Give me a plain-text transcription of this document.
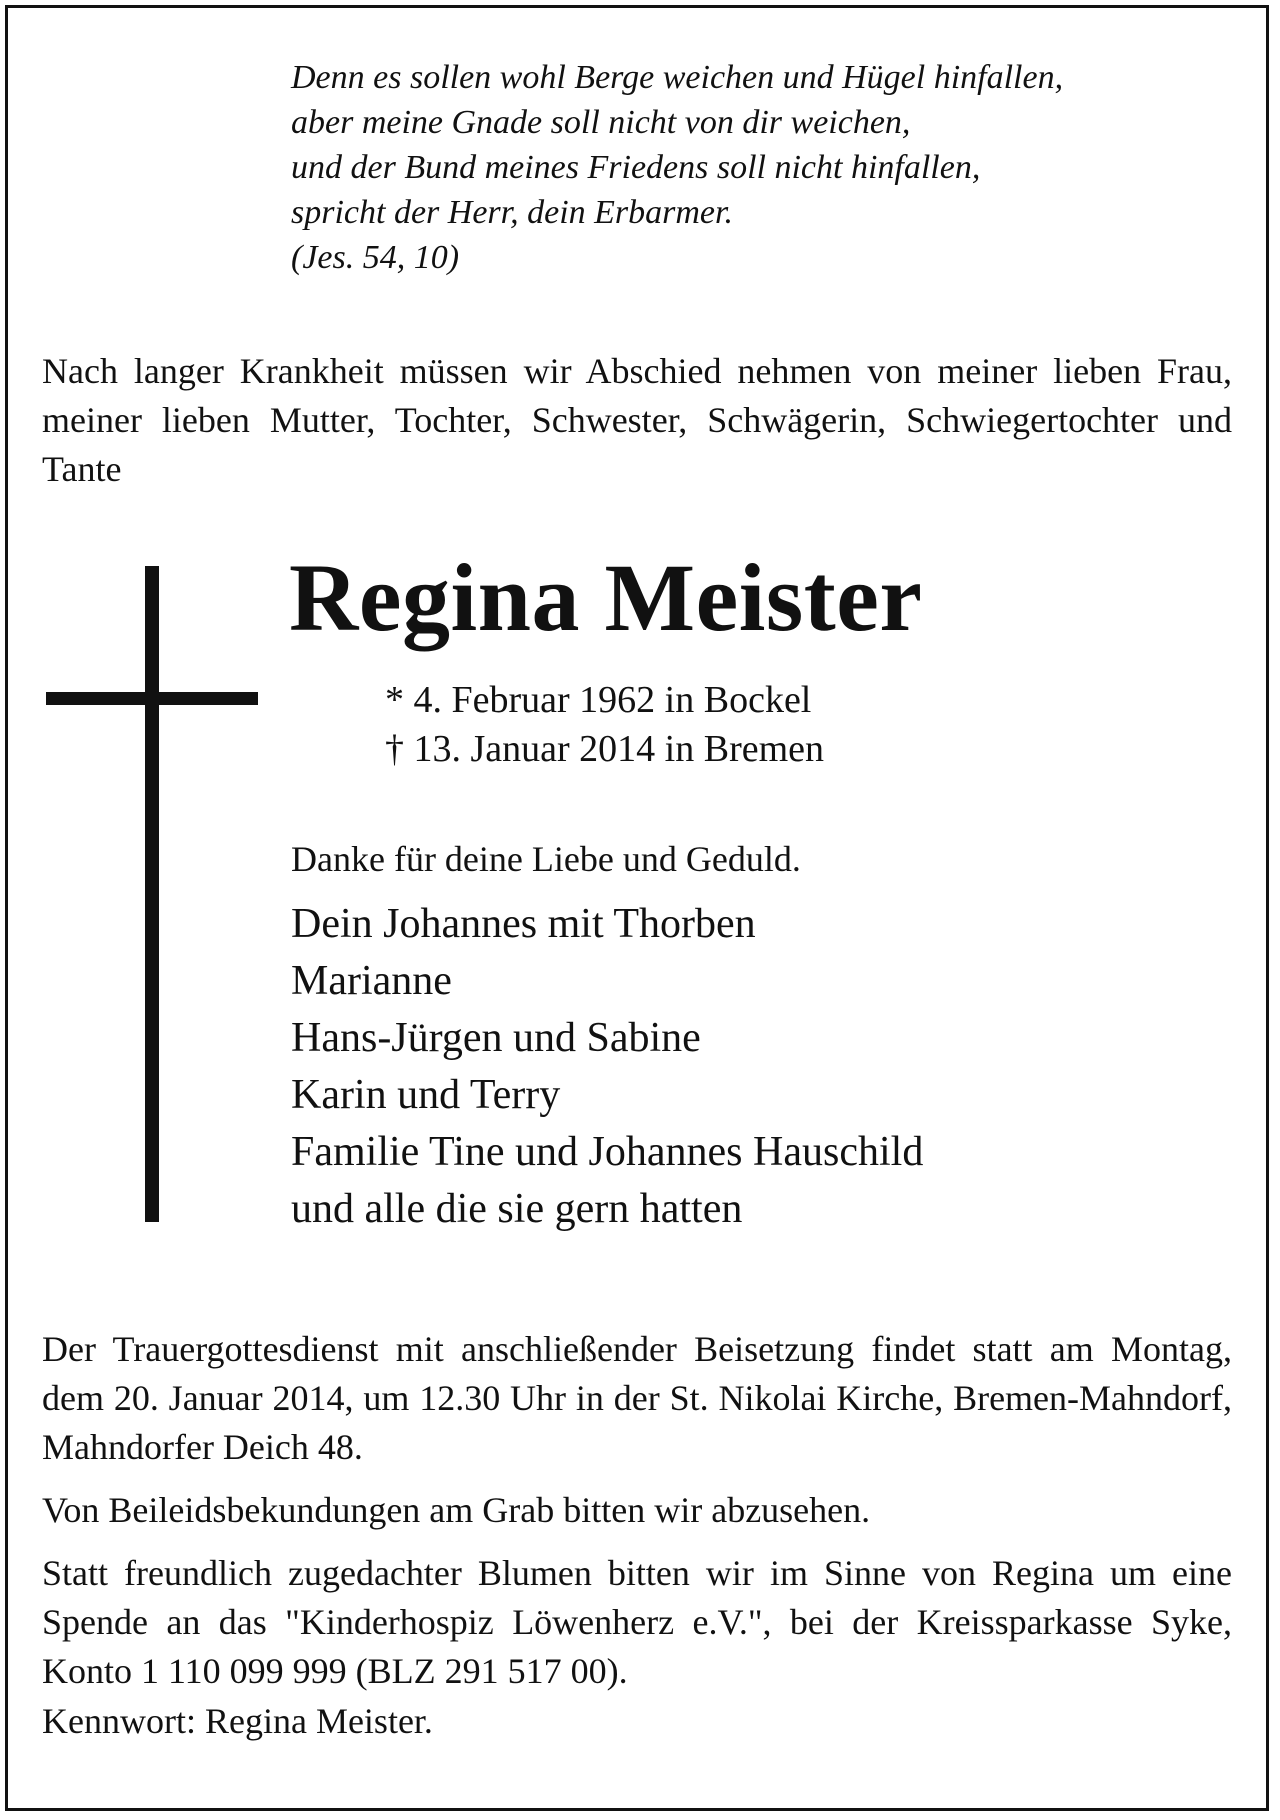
Denn es sollen wohl Berge weichen und Hügel hinfallen,
aber meine Gnade soll nicht von dir weichen,
und der Bund meines Friedens soll nicht hinfallen,
spricht der Herr, dein Erbarmer.
(Jes. 54, 10)
Nach langer Krankheit müssen wir Abschied nehmen von meiner lieben Frau, meiner lieben Mutter, Tochter, Schwester, Schwägerin, Schwiegertochter und Tante
Regina Meister
* 4. Februar 1962 in Bockel
† 13. Januar 2014 in Bremen
Danke für deine Liebe und Geduld.
Dein Johannes mit Thorben
Marianne
Hans-Jürgen und Sabine
Karin und Terry
Familie Tine und Johannes Hauschild
und alle die sie gern hatten
Der Trauergottesdienst mit anschließender Beisetzung findet statt am Montag, dem 20. Januar 2014, um 12.30 Uhr in der St. Nikolai Kirche, Bremen-Mahndorf, Mahndorfer Deich 48.
Von Beileidsbekundungen am Grab bitten wir abzusehen.
Statt freundlich zugedachter Blumen bitten wir im Sinne von Regina um eine Spende an das "Kinderhospiz Löwenherz e.V.", bei der Kreissparkasse Syke, Konto 1 110 099 999 (BLZ 291 517 00).
Kennwort: Regina Meister.
